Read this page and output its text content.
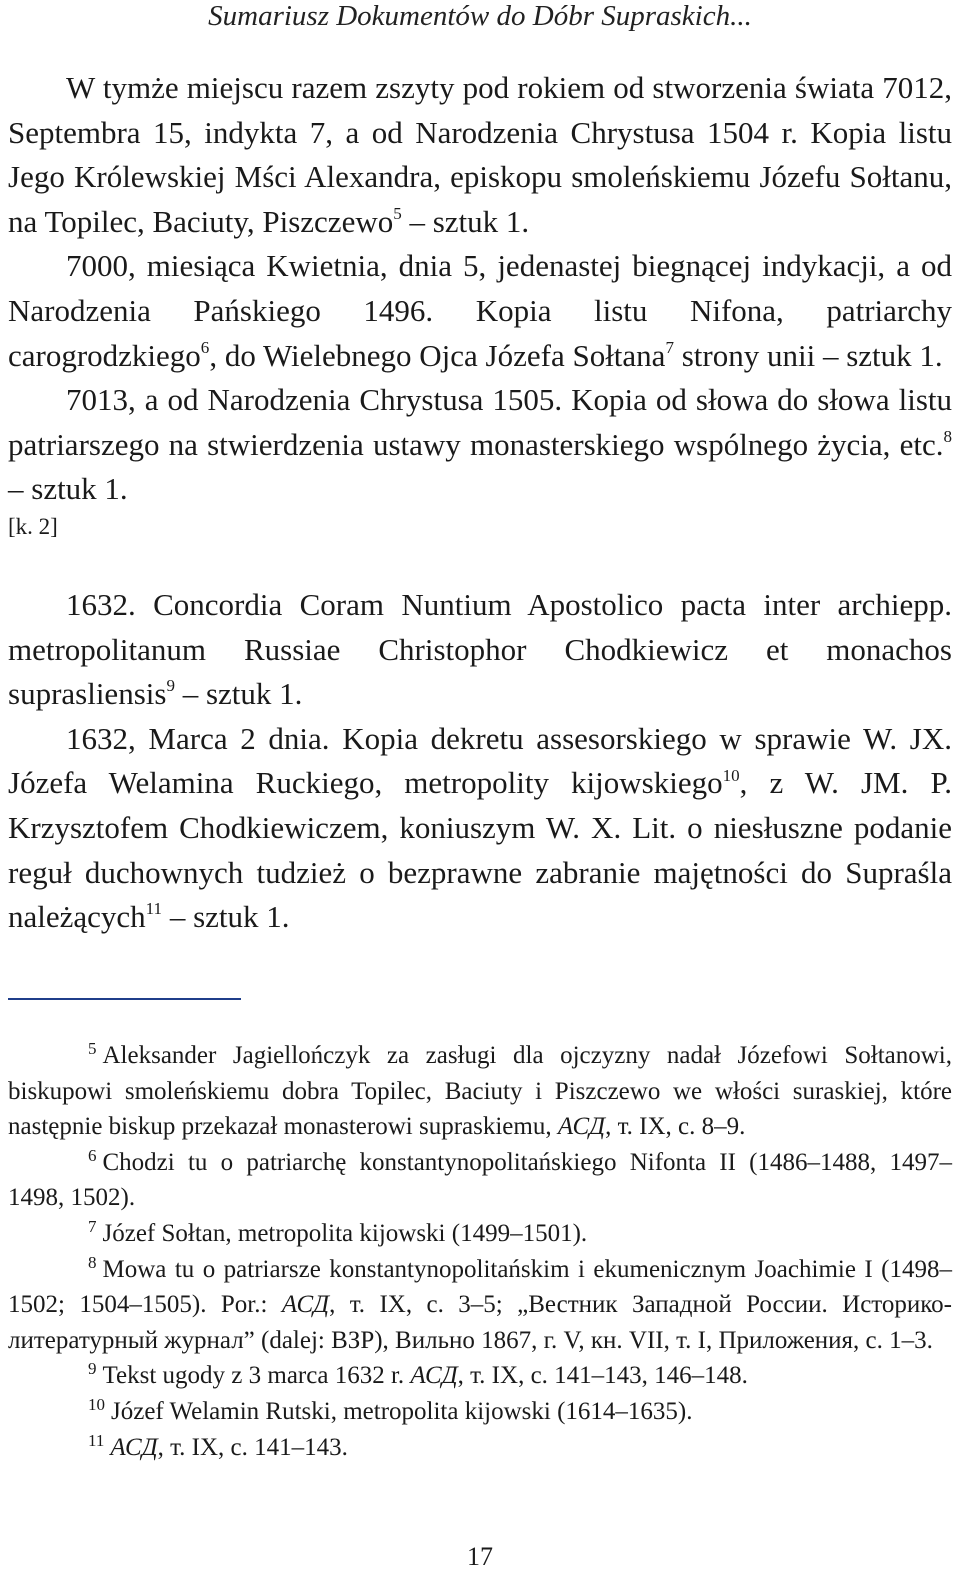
Sumariusz Dokumentów do Dóbr Supraskich...

W tymże miejscu razem zszyty pod rokiem od stworzenia świata 7012, Septembra 15, indykta 7, a od Narodzenia Chrystusa 1504 r. Kopia listu Jego Królewskiej Mści Alexandra, episkopu smoleńskiemu Józefu Sołtanu, na Topilec, Baciuty, Piszczewo$^5$ – sztuk 1.

7000, miesiąca Kwietnia, dnia 5, jedenastej biegnącej indykacji, a od Narodzenia Pańskiego 1496. Kopia listu Nifona, patriarchy carogrodzkiego$^6$, do Wielebnego Ojca Józefa Sołtana$^7$ strony unii – sztuk 1.

7013, a od Narodzenia Chrystusa 1505. Kopia od słowa do słowa listu patriarszego na stwierdzenia ustawy monasterskiego wspólnego życia, etc.$^8$ – sztuk 1.

[k. 2]

1632. Concordia Coram Nuntium Apostolico pacta inter archiepp. metropolitanum Russiae Christophor Chodkiewicz et monachos suprasliensis$^9$ – sztuk 1.

1632, Marca 2 dnia. Kopia dekretu assesorskiego w sprawie W. JX. Józefa Welamina Ruckiego, metropolity kijowskiego$^{10}$, z W. JM. P. Krzysztofem Chodkiewiczem, koniuszym W. X. Lit. o niesłuszne podanie reguł duchownych tudzież o bezprawne zabranie majętności do Supraśla należących$^{11}$ – sztuk 1.

5 Aleksander Jagiellończyk za zasługi dla ojczyzny nadał Józefowi Sołtanowi, biskupowi smoleńskiemu dobra Topilec, Baciuty i Piszczewo we włości suraskiej, które następnie biskup przekazał monasterowi supraskiemu, АСД, т. IX, c. 8–9.

6 Chodzi tu o patriarchę konstantynopolitańskiego Nifonta II (1486–1488, 1497–1498, 1502).

7 Józef Sołtan, metropolita kijowski (1499–1501).

8 Mowa tu o patriarsze konstantynopolitańskim i ekumenicznym Joachimie I (1498–1502; 1504–1505). Por.: АСД, т. IX, c. 3–5; „Вестник Западной России. Историко-литературный журнал” (dalej: ВЗР), Вильно 1867, г. V, кн. VII, т. I, Приложения, c. 1–3.

9 Tekst ugody z 3 marca 1632 r. АСД, т. IX, c. 141–143, 146–148.

10 Józef Welamin Rutski, metropolita kijowski (1614–1635).

11 АСД, т. IX, c. 141–143.

17
